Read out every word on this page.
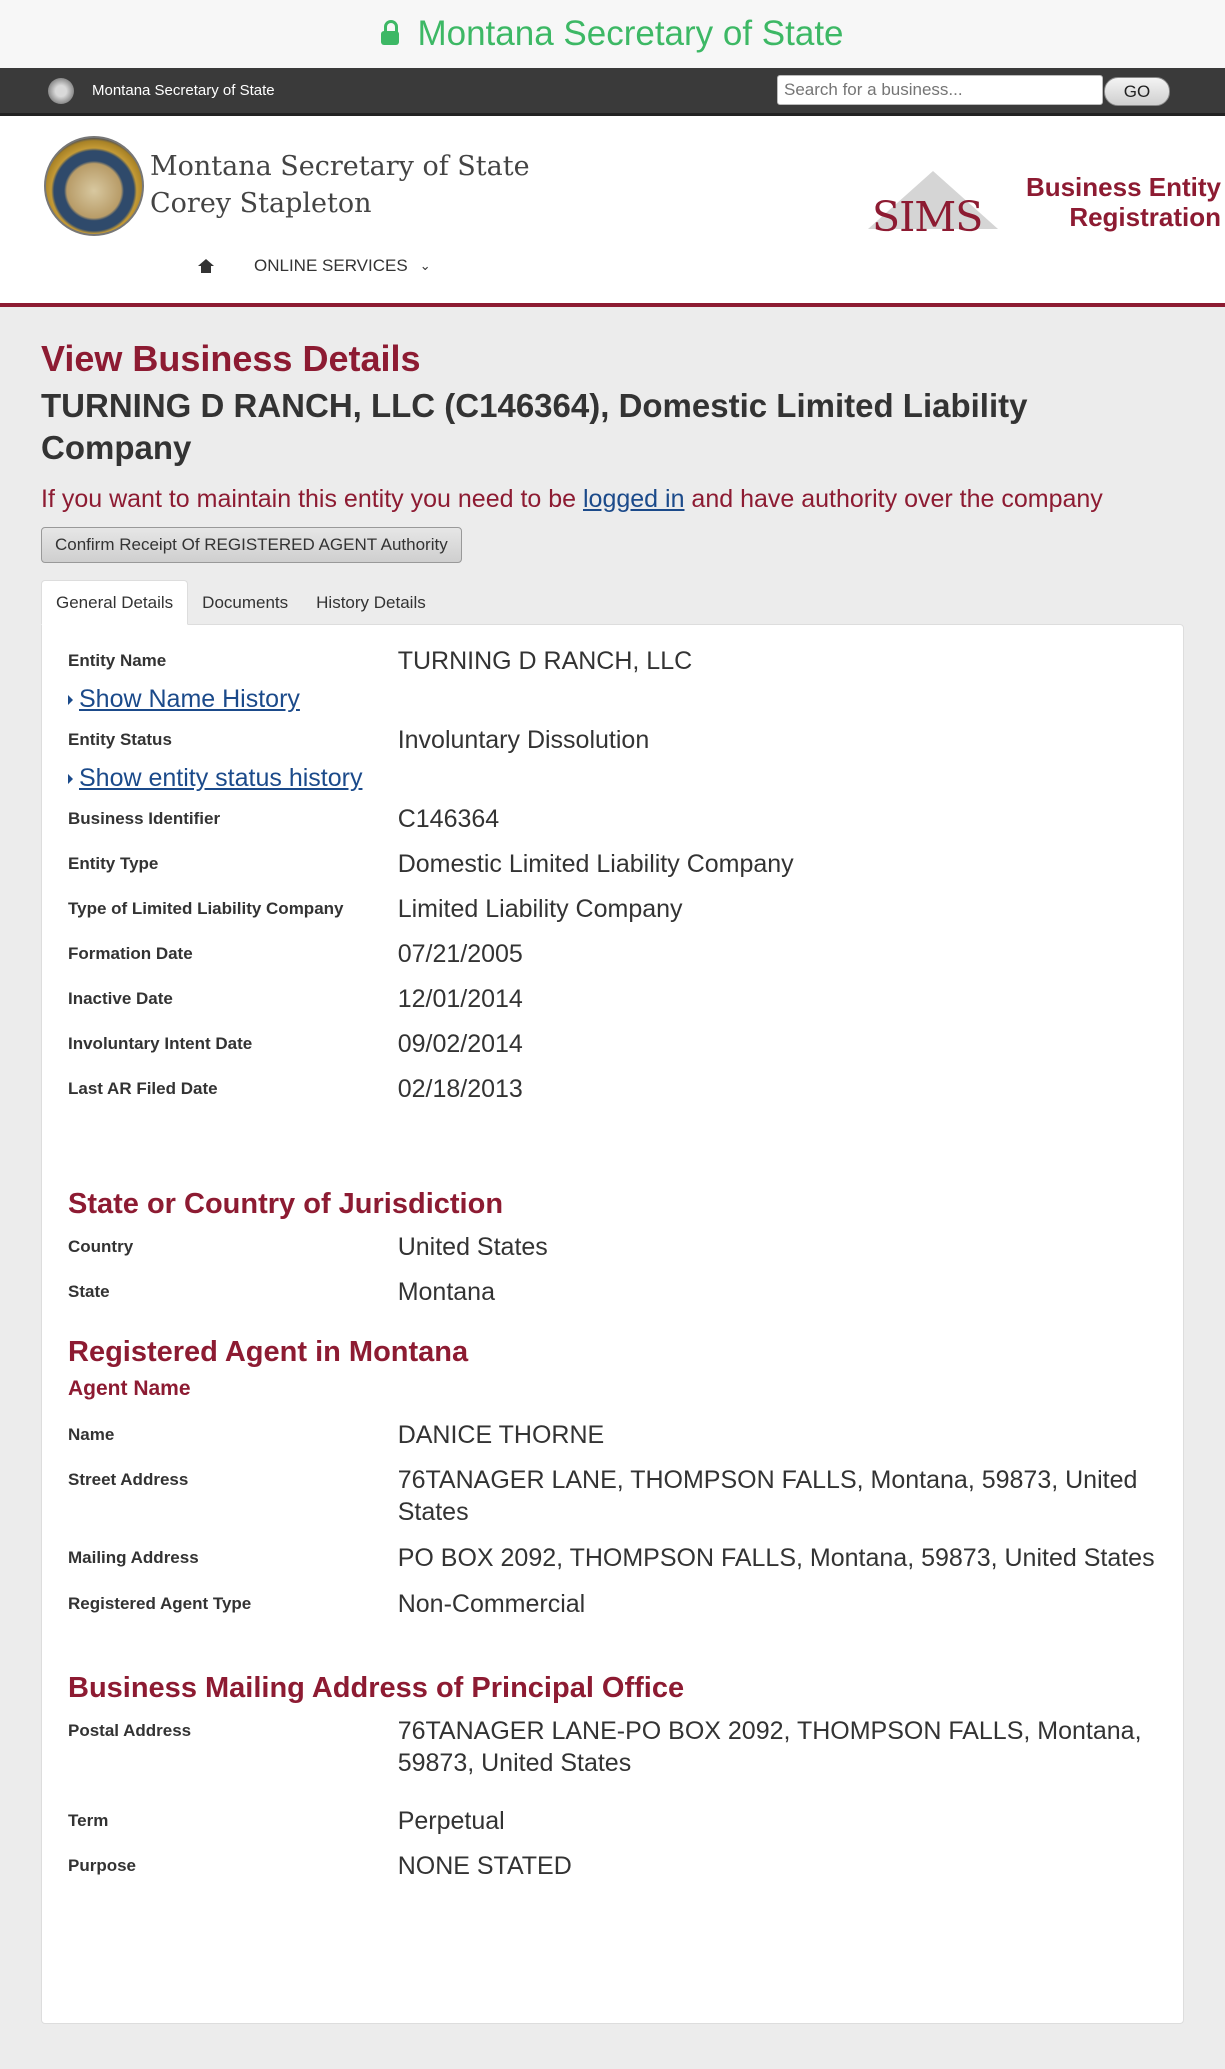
Montana Secretary of State
Montana Secretary of State
Search for a business...	GO
Montana Secretary of State
Corey Stapleton	SIMS
Business Entity
Registration
ONLINE SERVICES ⌄
View Business Details
TURNING D RANCH, LLC (C146364), Domestic Limited Liability Company
If you want to maintain this entity you need to be logged in and have authority over the company
Confirm Receipt Of REGISTERED AGENT Authority
General Details	Documents	History Details
Entity Name	TURNING D RANCH, LLC
Show Name History
Entity Status	Involuntary Dissolution
Show entity status history
Business Identifier	C146364
Entity Type	Domestic Limited Liability Company
Type of Limited Liability Company	Limited Liability Company
Formation Date	07/21/2005
Inactive Date	12/01/2014
Involuntary Intent Date	09/02/2014
Last AR Filed Date	02/18/2013
State or Country of Jurisdiction
Country	United States
State	Montana
Registered Agent in Montana
Agent Name
Name	DANICE THORNE
Street Address	76TANAGER LANE, THOMPSON FALLS, Montana, 59873, United States
Mailing Address	PO BOX 2092, THOMPSON FALLS, Montana, 59873, United States
Registered Agent Type	Non-Commercial
Business Mailing Address of Principal Office
Postal Address	76TANAGER LANE-PO BOX 2092, THOMPSON FALLS, Montana, 59873, United States
Term	Perpetual
Purpose	NONE STATED
